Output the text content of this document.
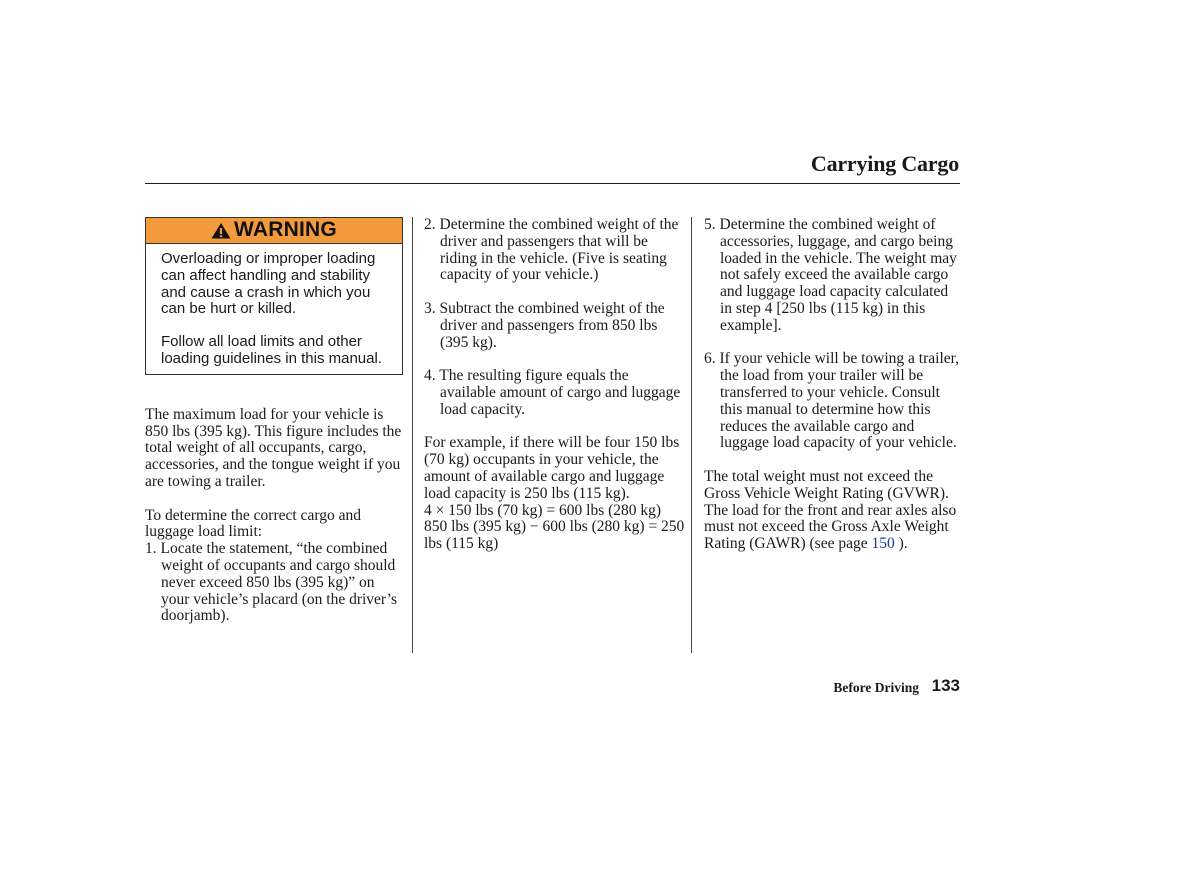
Carrying Cargo
WARNING

Overloading or improper loading can affect handling and stability and cause a crash in which you can be hurt or killed.

Follow all load limits and other loading guidelines in this manual.

The maximum load for your vehicle is 850 lbs (395 kg). This figure includes the total weight of all occupants, cargo, accessories, and the tongue weight if you are towing a trailer.

To determine the correct cargo and luggage load limit:

1. Locate the statement, “the combined weight of occupants and cargo should never exceed 850 lbs (395 kg)” on your vehicle’s placard (on the driver’s doorjamb).

2. Determine the combined weight of the driver and passengers that will be riding in the vehicle. (Five is seating capacity of your vehicle.)

3. Subtract the combined weight of the driver and passengers from 850 lbs (395 kg).

4. The resulting figure equals the available amount of cargo and luggage load capacity.

For example, if there will be four 150 lbs (70 kg) occupants in your vehicle, the amount of available cargo and luggage load capacity is 250 lbs (115 kg).

4 × 150 lbs (70 kg) = 600 lbs (280 kg)

850 lbs (395 kg) − 600 lbs (280 kg) = 250 lbs (115 kg)

5. Determine the combined weight of accessories, luggage, and cargo being loaded in the vehicle. The weight may not safely exceed the available cargo and luggage load capacity calculated in step 4 [250 lbs (115 kg) in this example].

6. If your vehicle will be towing a trailer, the load from your trailer will be transferred to your vehicle. Consult this manual to determine how this reduces the available cargo and luggage load capacity of your vehicle.

The total weight must not exceed the Gross Vehicle Weight Rating (GVWR). The load for the front and rear axles also must not exceed the Gross Axle Weight Rating (GAWR) (see page 150 ).

Before Driving 133
